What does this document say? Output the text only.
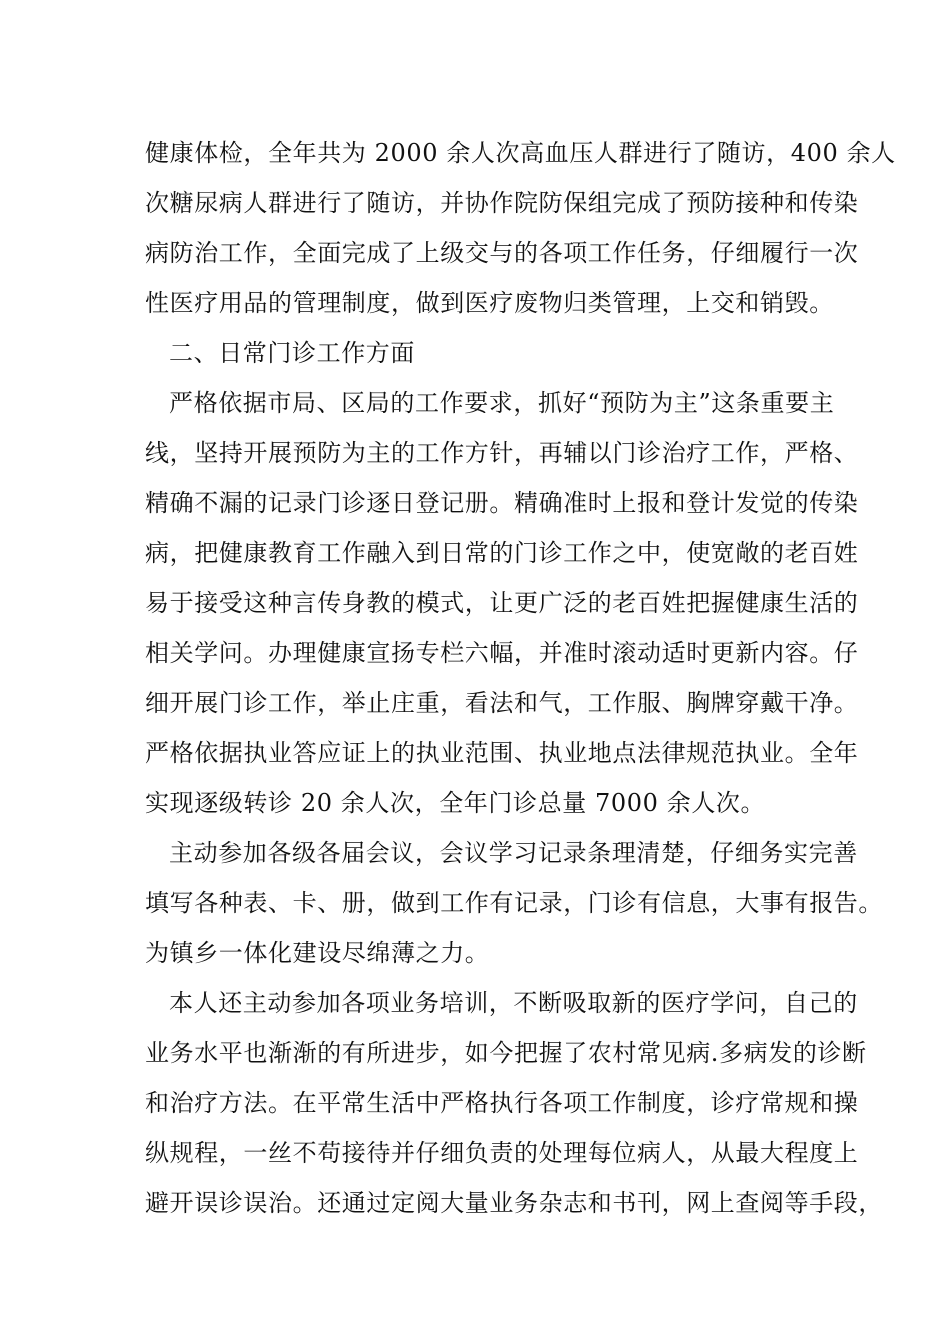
健康体检，全年共为 2000 余人次高血压人群进行了随访，400 余人
次糖尿病人群进行了随访，并协作院防保组完成了预防接种和传染
病防治工作，全面完成了上级交与的各项工作任务，仔细履行一次
性医疗用品的管理制度，做到医疗废物归类管理，上交和销毁。

二、日常门诊工作方面

严格依据市局、区局的工作要求，抓好“预防为主”这条重要主
线，坚持开展预防为主的工作方针，再辅以门诊治疗工作，严格、
精确不漏的记录门诊逐日登记册。精确准时上报和登计发觉的传染
病，把健康教育工作融入到日常的门诊工作之中，使宽敞的老百姓
易于接受这种言传身教的模式，让更广泛的老百姓把握健康生活的
相关学问。办理健康宣扬专栏六幅，并准时滚动适时更新内容。仔
细开展门诊工作，举止庄重，看法和气，工作服、胸牌穿戴干净。
严格依据执业答应证上的执业范围、执业地点法律规范执业。全年
实现逐级转诊 20 余人次，全年门诊总量 7000 余人次。

主动参加各级各届会议，会议学习记录条理清楚，仔细务实完善
填写各种表、卡、册，做到工作有记录，门诊有信息，大事有报告。
为镇乡一体化建设尽绵薄之力。

本人还主动参加各项业务培训，不断吸取新的医疗学问，自己的
业务水平也渐渐的有所进步，如今把握了农村常见病.多病发的诊断
和治疗方法。在平常生活中严格执行各项工作制度，诊疗常规和操
纵规程，一丝不苟接待并仔细负责的处理每位病人，从最大程度上
避开误诊误治。还通过定阅大量业务杂志和书刊，网上查阅等手段，
